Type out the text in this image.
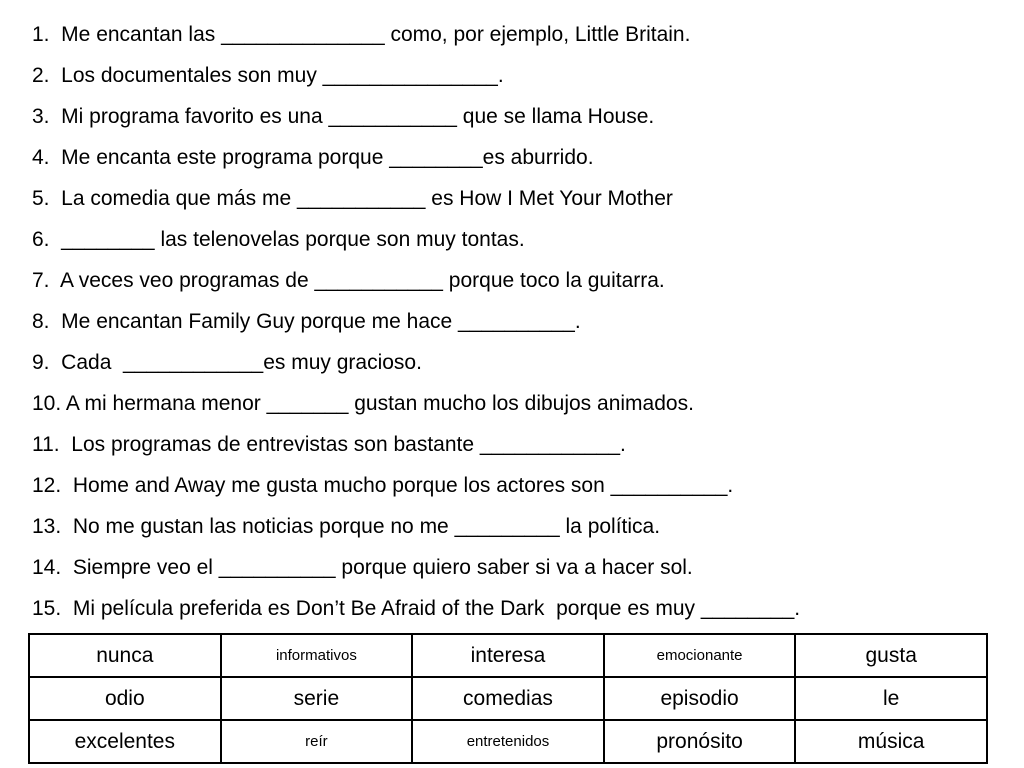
1.  Me encantan las ______________ como, por ejemplo, Little Britain.
2.  Los documentales son muy _______________.
3.  Mi programa favorito es una ___________ que se llama House.
4.  Me encanta este programa porque ________es aburrido.
5.  La comedia que más me ___________ es How I Met Your Mother
6.  ________ las telenovelas porque son muy tontas.
7.  A veces veo programas de ___________ porque toco la guitarra.
8.  Me encantan Family Guy porque me hace __________.
9.  Cada  ____________es muy gracioso.
10. A mi hermana menor _______ gustan mucho los dibujos animados.
11.  Los programas de entrevistas son bastante ____________.
12.  Home and Away me gusta mucho porque los actores son __________.
13.  No me gustan las noticias porque no me _________ la política.
14.  Siempre veo el __________ porque quiero saber si va a hacer sol.
15.  Mi película preferida es Don’t Be Afraid of the Dark  porque es muy ________.
nunca	informativos	interesa	emocionante	gusta
odio	serie	comedias	episodio	le
excelentes	reír	entretenidos	pronósito	música
